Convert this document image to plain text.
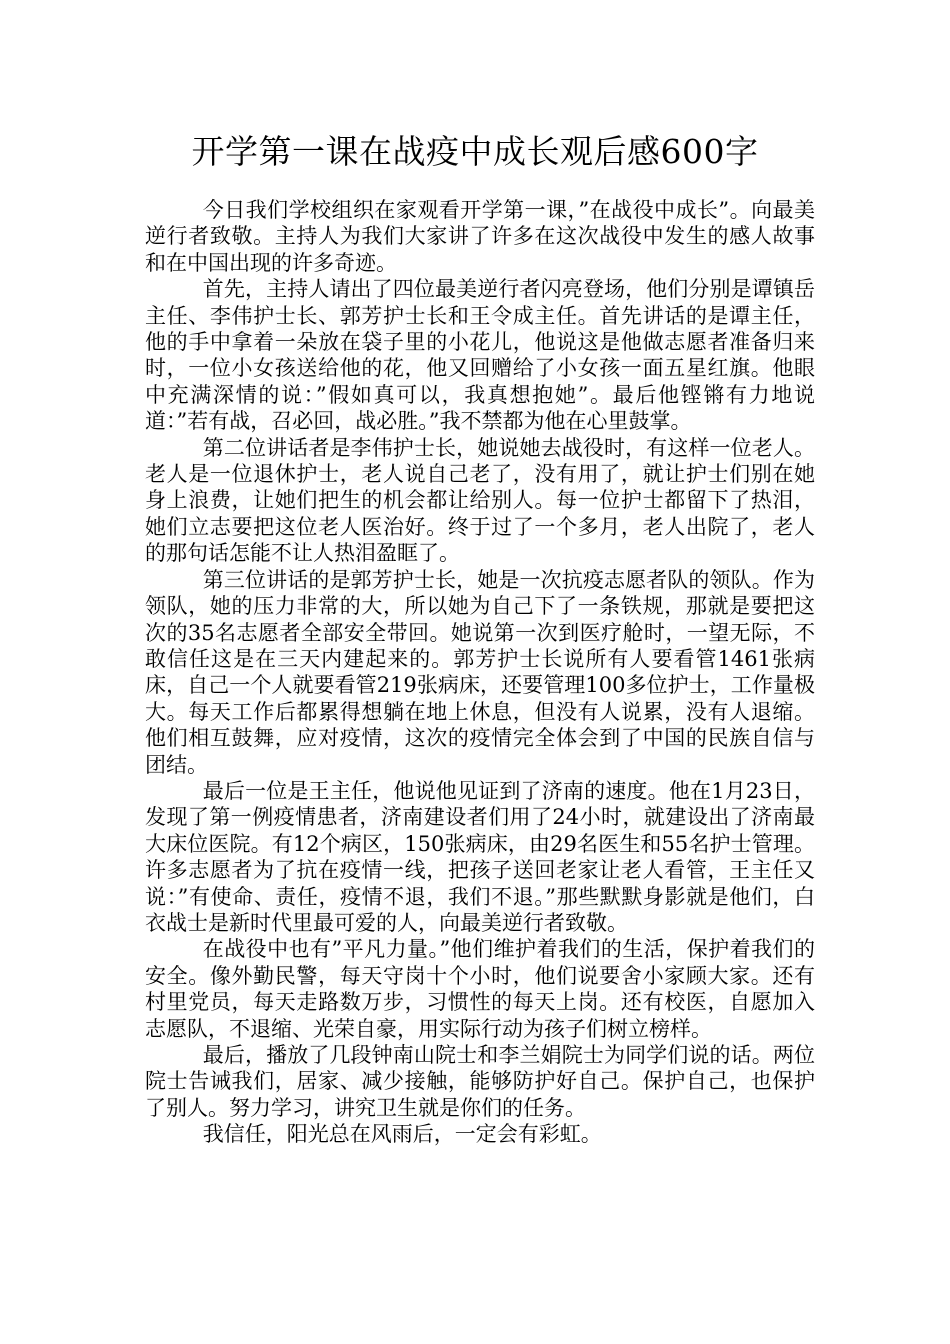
开学第一课在战疫中成长观后感600字

今日我们学校组织在家观看开学第一课，”在战役中成长”。向最美逆行者致敬。主持人为我们大家讲了许多在这次战役中发生的感人故事和在中国出现的许多奇迹。

首先，主持人请出了四位最美逆行者闪亮登场，他们分别是谭镇岳主任、李伟护士长、郭芳护士长和王令成主任。首先讲话的是谭主任，他的手中拿着一朵放在袋子里的小花儿，他说这是他做志愿者准备归来时，一位小女孩送给他的花，他又回赠给了小女孩一面五星红旗。他眼中充满深情的说：”假如真可以，我真想抱她”。最后他铿锵有力地说道：”若有战，召必回，战必胜。”我不禁都为他在心里鼓掌。

第二位讲话者是李伟护士长，她说她去战役时，有这样一位老人。老人是一位退休护士，老人说自己老了，没有用了，就让护士们别在她身上浪费，让她们把生的机会都让给别人。每一位护士都留下了热泪，她们立志要把这位老人医治好。终于过了一个多月，老人出院了，老人的那句话怎能不让人热泪盈眶了。

第三位讲话的是郭芳护士长，她是一次抗疫志愿者队的领队。作为领队，她的压力非常的大，所以她为自己下了一条铁规，那就是要把这次的35名志愿者全部安全带回。她说第一次到医疗舱时，一望无际，不敢信任这是在三天内建起来的。郭芳护士长说所有人要看管1461张病床，自己一个人就要看管219张病床，还要管理100多位护士，工作量极大。每天工作后都累得想躺在地上休息，但没有人说累，没有人退缩。他们相互鼓舞，应对疫情，这次的疫情完全体会到了中国的民族自信与团结。

最后一位是王主任，他说他见证到了济南的速度。他在1月23日，发现了第一例疫情患者，济南建设者们用了24小时，就建设出了济南最大床位医院。有12个病区，150张病床，由29名医生和55名护士管理。许多志愿者为了抗在疫情一线，把孩子送回老家让老人看管，王主任又说：”有使命、责任，疫情不退，我们不退。”那些默默身影就是他们，白衣战士是新时代里最可爱的人，向最美逆行者致敬。

在战役中也有”平凡力量。”他们维护着我们的生活，保护着我们的安全。像外勤民警，每天守岗十个小时，他们说要舍小家顾大家。还有村里党员，每天走路数万步，习惯性的每天上岗。还有校医，自愿加入志愿队，不退缩、光荣自豪，用实际行动为孩子们树立榜样。

最后，播放了几段钟南山院士和李兰娟院士为同学们说的话。两位院士告诫我们，居家、减少接触，能够防护好自己。保护自己，也保护了别人。努力学习，讲究卫生就是你们的任务。

我信任，阳光总在风雨后，一定会有彩虹。
